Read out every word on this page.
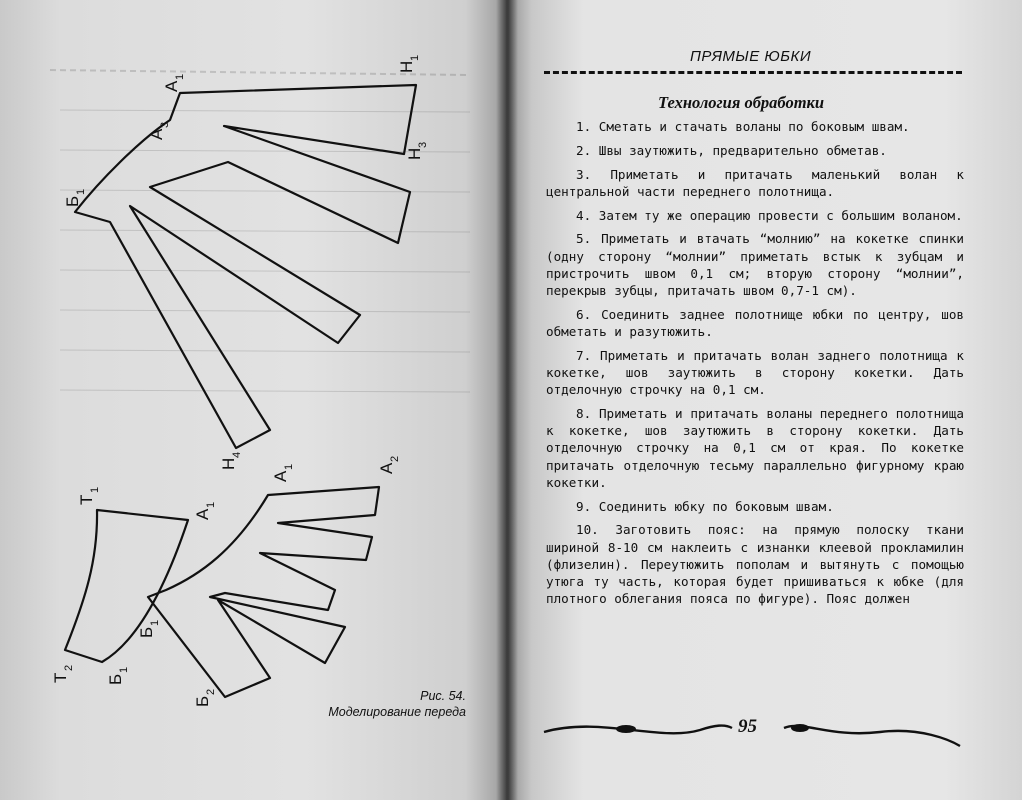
Н
1
А
1
А
3
Н
3
Б
1
Н
4
Т
1
А
1
Т
2
Б
1
А
1	А
2
Б
1
Б
2	Рис. 54.
Моделирование переда
ПРЯМЫЕ ЮБКИ
Технология обработки

1. Сметать и стачать воланы по боковым швам.

2. Швы заутюжить, предварительно обметав.

3. Приметать и притачать маленький волан к центральной части переднего полотнища.

4. Затем ту же операцию провести с большим воланом.

5. Приметать и втачать “молнию” на кокетке спинки (одну сторону “молнии” приметать встык к зубцам и пристрочить швом 0,1 см; вторую сторону “молнии”, перекрыв зубцы, притачать швом 0,7-1 см).

6. Соединить заднее полотнище юбки по центру, шов обметать и разутюжить.

7. Приметать и притачать волан заднего полотнища к кокетке, шов заутюжить в сторону кокетки. Дать отделочную строчку на 0,1 см.

8. Приметать и притачать воланы переднего полотнища к кокетке, шов заутюжить в сторону кокетки. Дать отделочную строчку на 0,1 см от края. По кокетке притачать отделочную тесьму параллельно фигурному краю кокетки.

9. Соединить юбку по боковым швам.

10. Заготовить пояс: на прямую полоску ткани шириной 8-10 см наклеить с изнанки клеевой прокламилин (флизелин). Переутюжить пополам и вытянуть с помощью утюга ту часть, которая будет пришиваться к юбке (для плотного облегания пояса по фигуре). Пояс должен

95
